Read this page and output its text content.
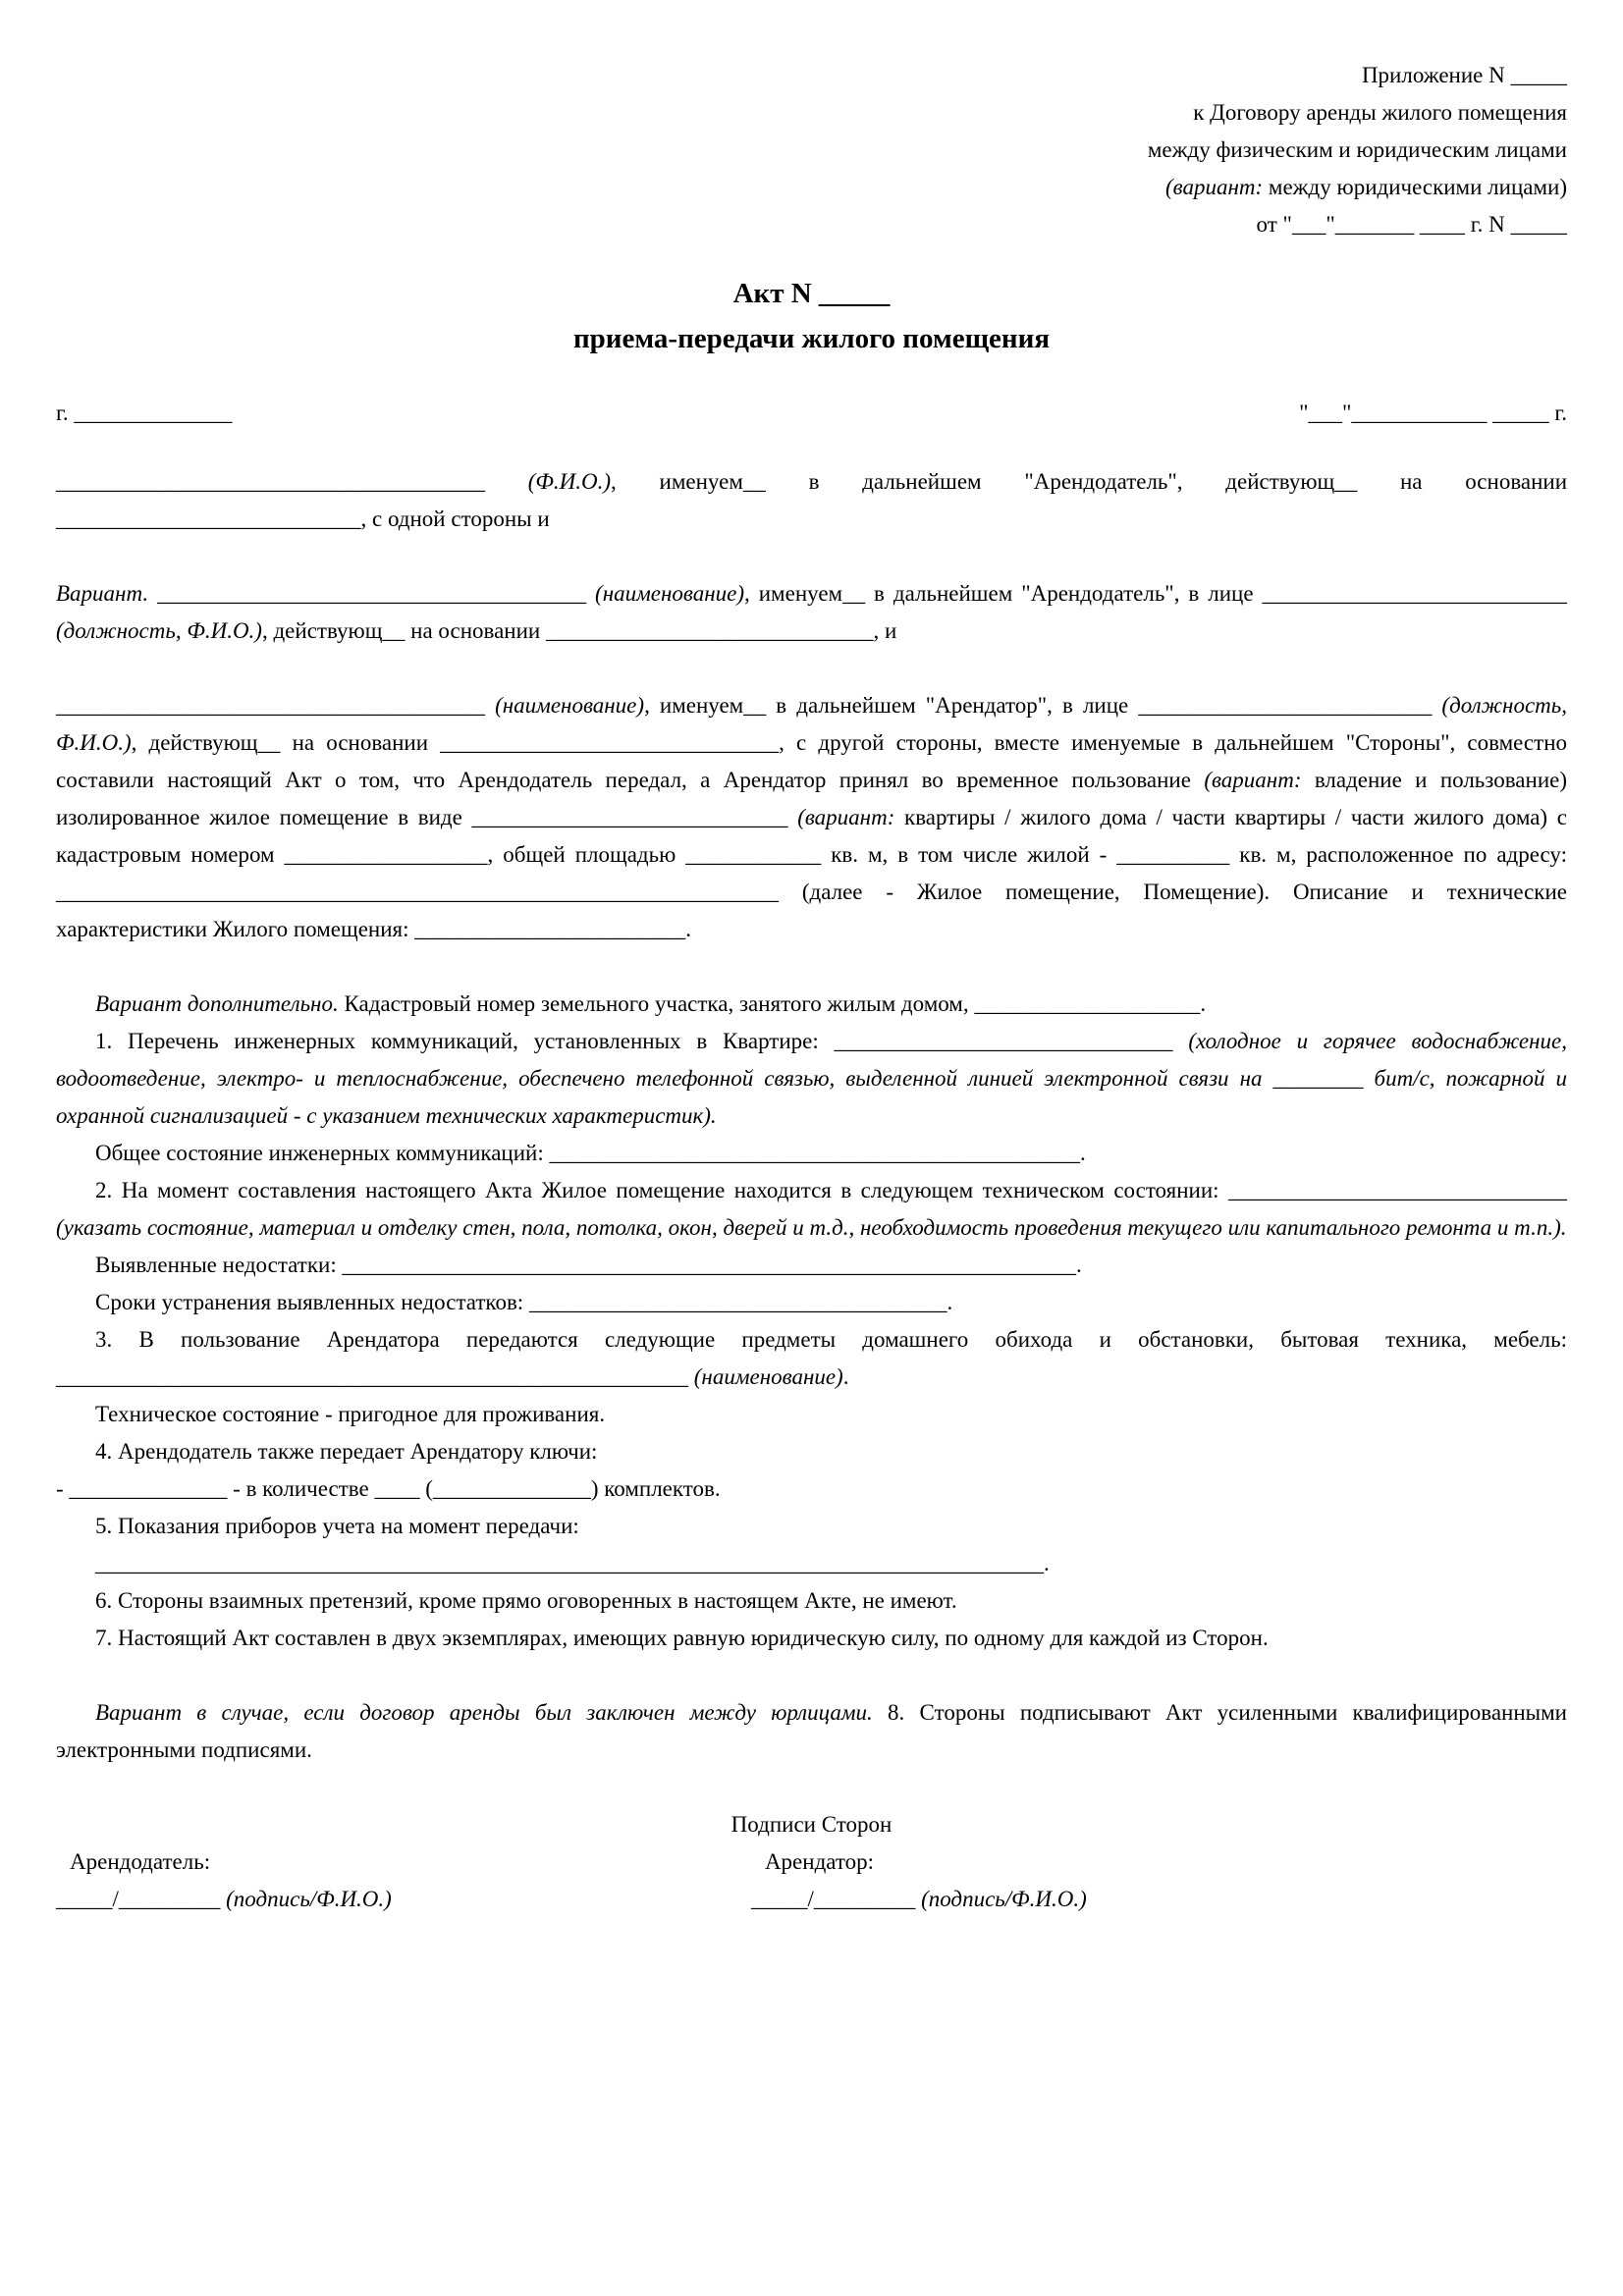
Приложение N _____

к Договору аренды жилого помещения

между физическим и юридическим лицами

(вариант: между юридическими лицами)

от "___"_______ ____ г. N _____

Акт N _____
приема-передачи жилого помещения
г. ______________	"___"____________ _____ г.

______________________________________ (Ф.И.О.), именуем__ в дальнейшем "Арендодатель", действующ__ на основании ___________________________, с одной стороны и

Вариант. ______________________________________ (наименование), именуем__ в дальнейшем "Арендодатель", в лице ___________________________ (должность, Ф.И.О.), действующ__ на основании _____________________________, и

______________________________________ (наименование), именуем__ в дальнейшем "Арендатор", в лице __________________________ (должность, Ф.И.О.), действующ__ на основании ______________________________, с другой стороны, вместе именуемые в дальнейшем "Стороны", совместно составили настоящий Акт о том, что Арендодатель передал, а Арендатор принял во временное пользование (вариант: владение и пользование) изолированное жилое помещение в виде ____________________________ (вариант: квартиры / жилого дома / части квартиры / части жилого дома) с кадастровым номером __________________, общей площадью ____________ кв. м, в том числе жилой - __________ кв. м, расположенное по адресу: ________________________________________________________________ (далее - Жилое помещение, Помещение). Описание и технические характеристики Жилого помещения: ________________________.

Вариант дополнительно. Кадастровый номер земельного участка, занятого жилым домом, ____________________.

1. Перечень инженерных коммуникаций, установленных в Квартире: ______________________________ (холодное и горячее водоснабжение, водоотведение, электро- и теплоснабжение, обеспечено телефонной связью, выделенной линией электронной связи на ________ бит/с, пожарной и охранной сигнализацией - с указанием технических характеристик).

Общее состояние инженерных коммуникаций: _______________________________________________.

2. На момент составления настоящего Акта Жилое помещение находится в следующем техническом состоянии: ______________________________ (указать состояние, материал и отделку стен, пола, потолка, окон, дверей и т.д., необходимость проведения текущего или капитального ремонта и т.п.).

Выявленные недостатки: _________________________________________________________________.

Сроки устранения выявленных недостатков: _____________________________________.

3. В пользование Арендатора передаются следующие предметы домашнего обихода и обстановки, бытовая техника, мебель: ________________________________________________________ (наименование).

Техническое состояние - пригодное для проживания.

4. Арендодатель также передает Арендатору ключи:

- ______________ - в количестве ____ (______________) комплектов.

5. Показания приборов учета на момент передачи:

____________________________________________________________________________________.

6. Стороны взаимных претензий, кроме прямо оговоренных в настоящем Акте, не имеют.

7. Настоящий Акт составлен в двух экземплярах, имеющих равную юридическую силу, по одному для каждой из Сторон.

Вариант в случае, если договор аренды был заключен между юрлицами. 8. Стороны подписывают Акт усиленными квалифицированными электронными подписями.

Подписи Сторон
Арендодатель:
_____/_________ (подпись/Ф.И.О.)
Арендатор:
_____/_________ (подпись/Ф.И.О.)
